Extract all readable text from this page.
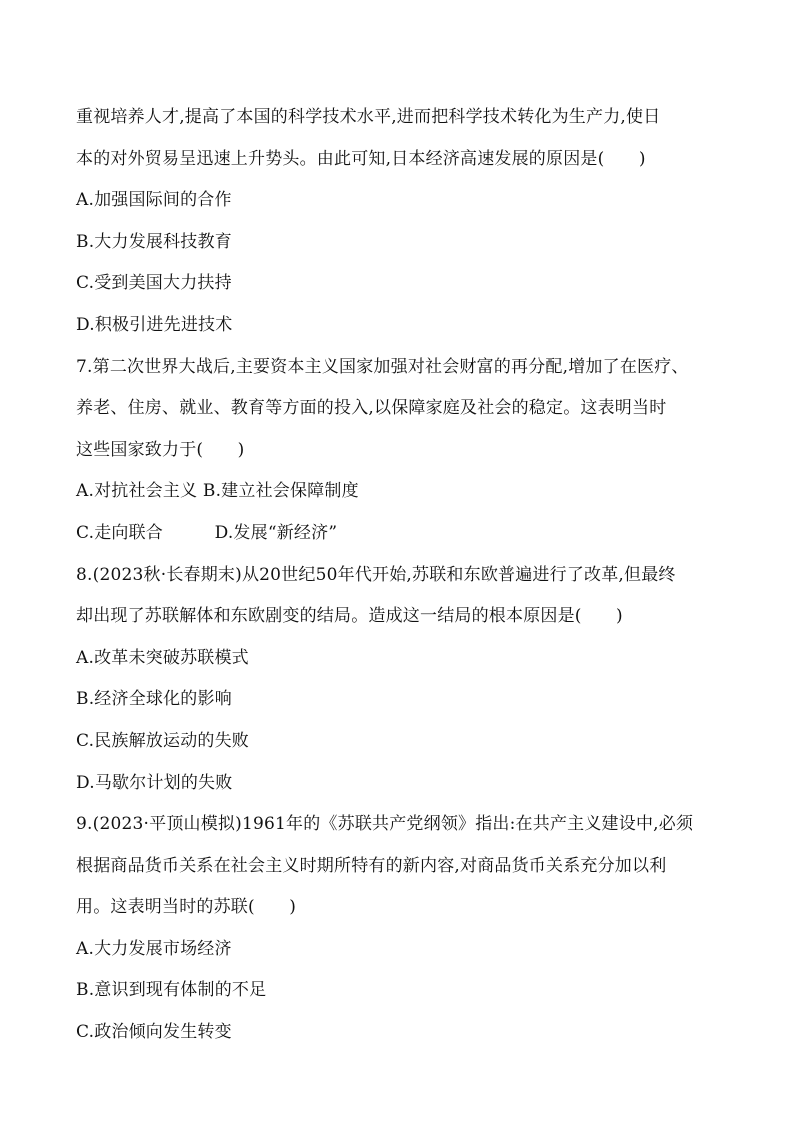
重视培养人才,提高了本国的科学技术水平,进而把科学技术转化为生产力,使日
本的对外贸易呈迅速上升势头。由此可知,日本经济高速发展的原因是(　　)
A.加强国际间的合作
B.大力发展科技教育
C.受到美国大力扶持
D.积极引进先进技术
7.第二次世界大战后,主要资本主义国家加强对社会财富的再分配,增加了在医疗、
养老、住房、就业、教育等方面的投入,以保障家庭及社会的稳定。这表明当时
这些国家致力于(　　)
A.对抗社会主义 B.建立社会保障制度
C.走向联合　　　D.发展“新经济”
8.(2023秋·长春期末)从20世纪50年代开始,苏联和东欧普遍进行了改革,但最终
却出现了苏联解体和东欧剧变的结局。造成这一结局的根本原因是(　　)
A.改革未突破苏联模式
B.经济全球化的影响
C.民族解放运动的失败
D.马歇尔计划的失败
9.(2023·平顶山模拟)1961年的《苏联共产党纲领》指出:在共产主义建设中,必须
根据商品货币关系在社会主义时期所特有的新内容,对商品货币关系充分加以利
用。这表明当时的苏联(　　)
A.大力发展市场经济
B.意识到现有体制的不足
C.政治倾向发生转变
